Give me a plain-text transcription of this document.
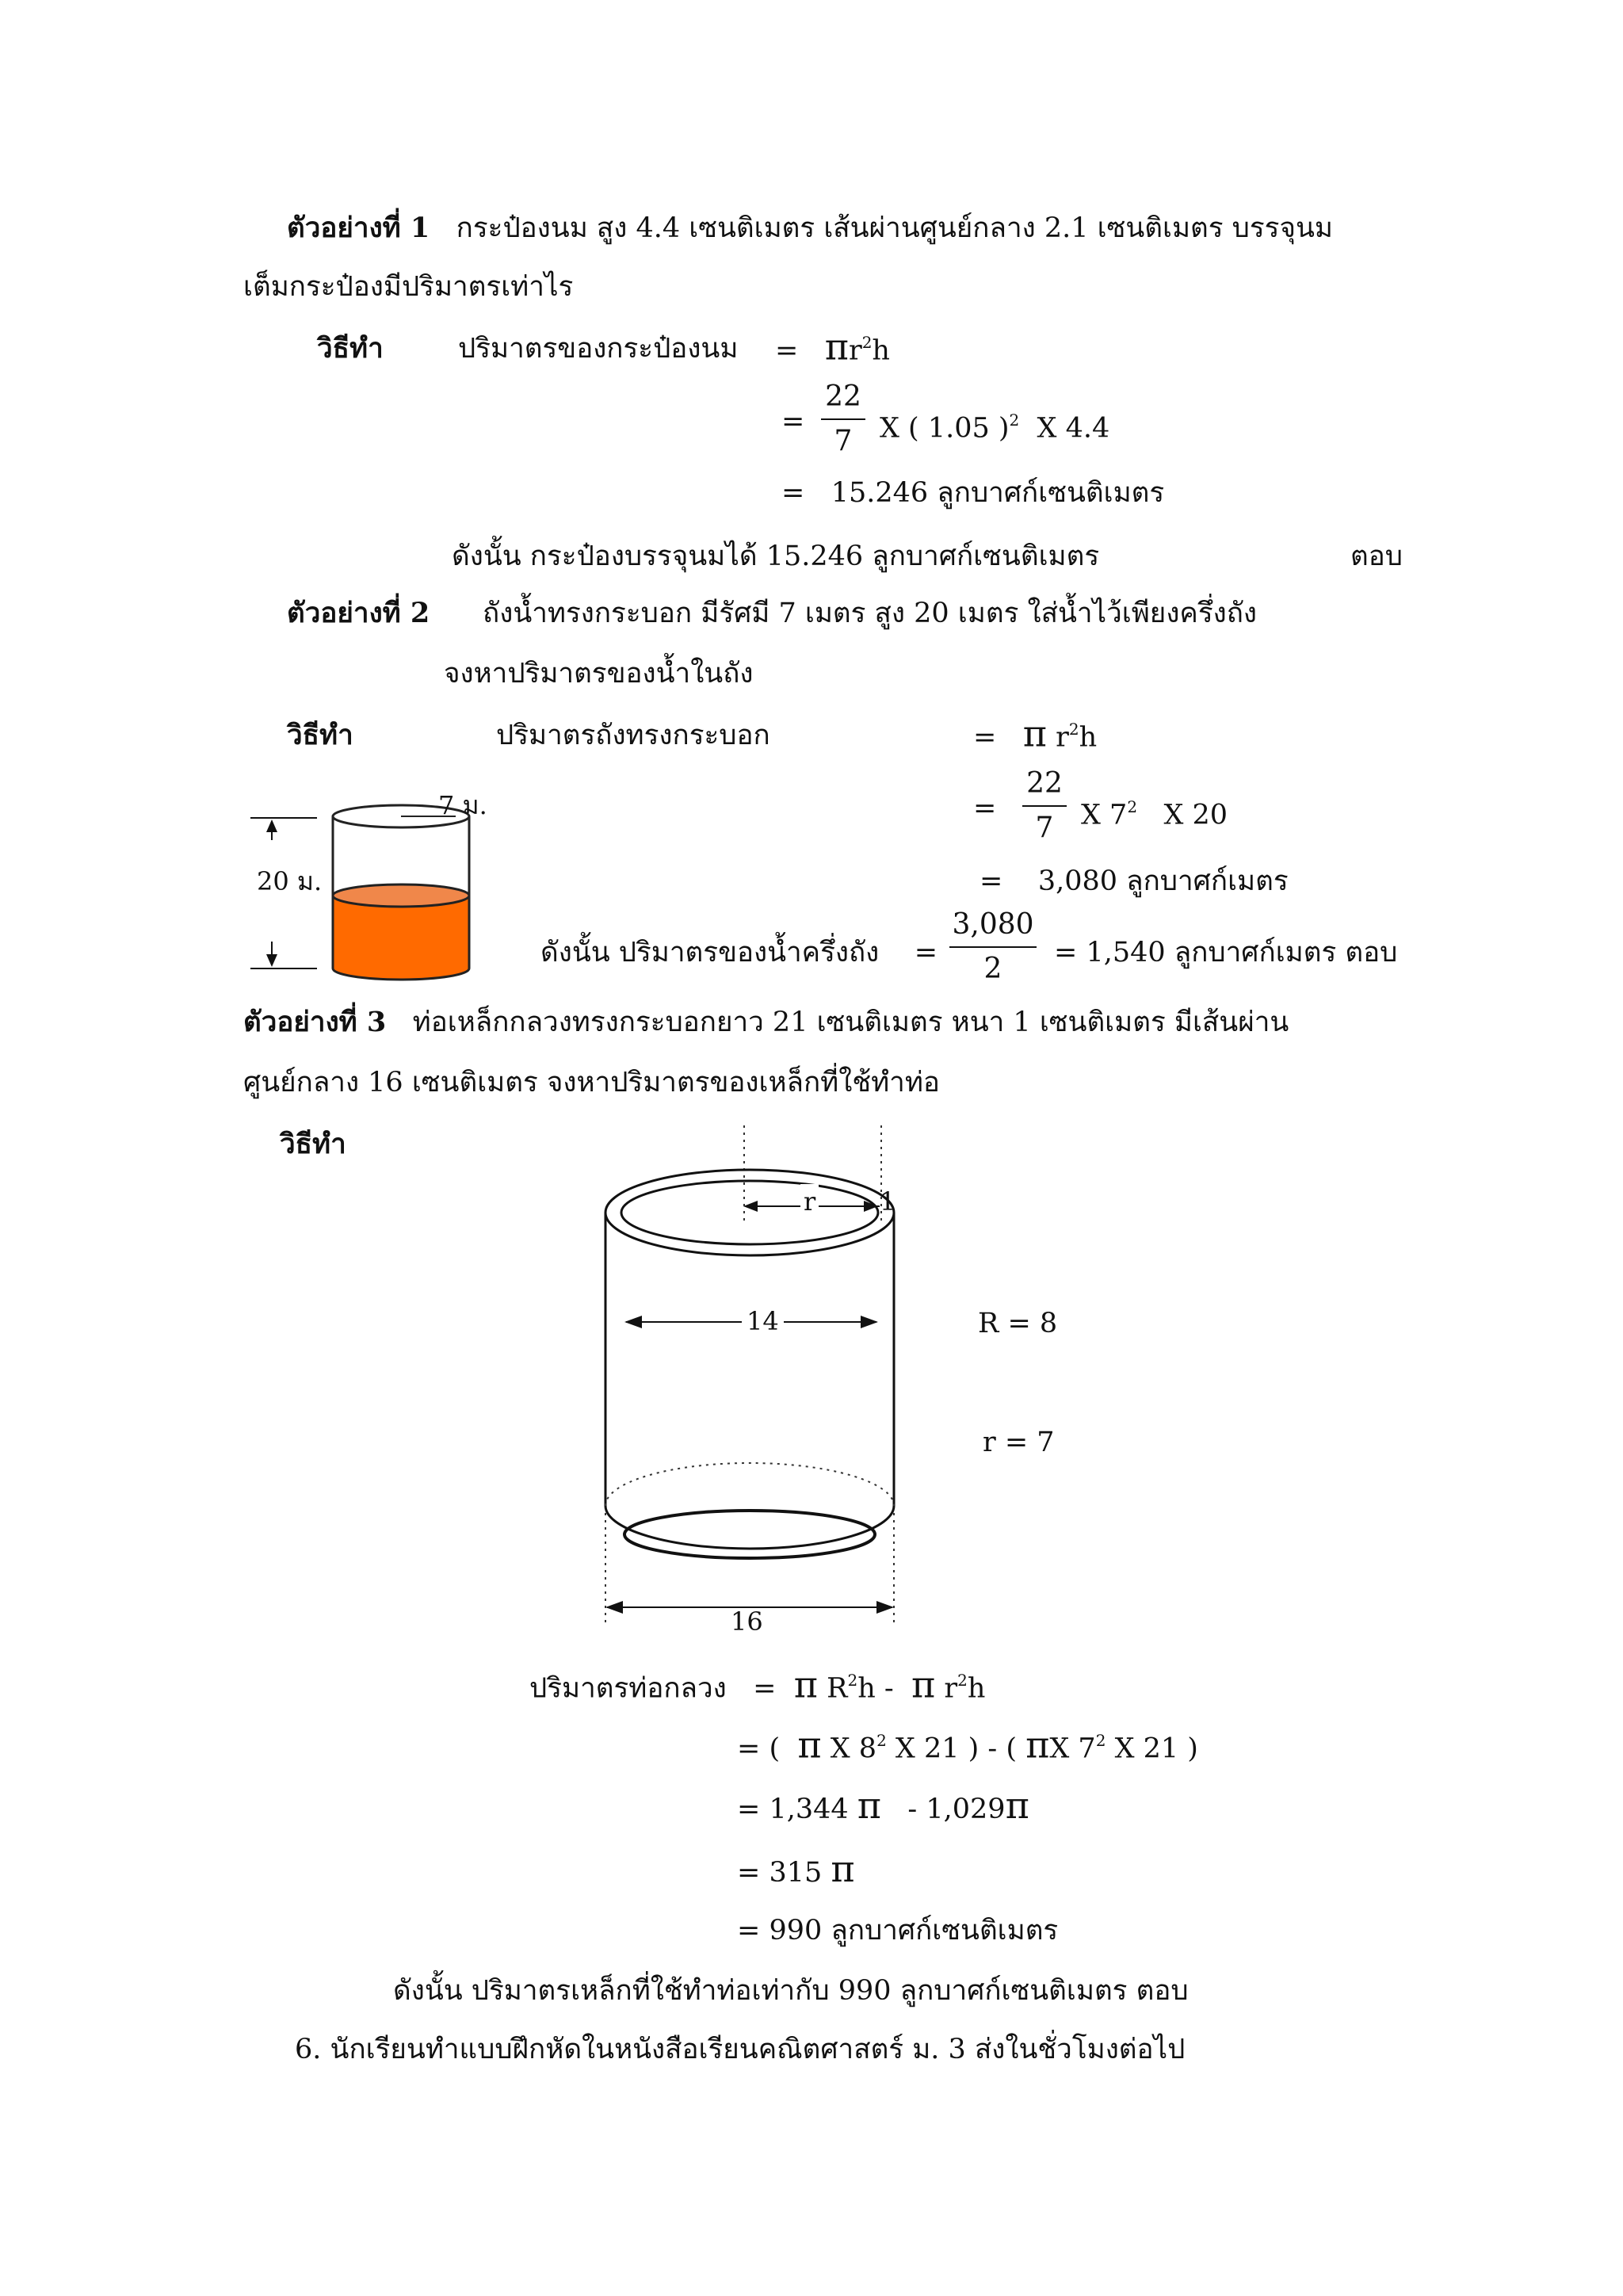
ตัวอย่างที่ 1 กระป๋องนม สูง 4.4 เซนติเมตร เส้นผ่านศูนย์กลาง 2.1 เซนติเมตร บรรจุนม
เต็มกระป๋องมีปริมาตรเท่าไร
วิธีทำ	ปริมาตรของกระป๋องนม = $\pi r^2h$
=
22
7 X ( 1.05 )$^2$ X 4.4
= 15.246 ลูกบาศก์เซนติเมตร
ดังนั้น กระป๋องบรรจุนมได้ 15.246 ลูกบาศก์เซนติเมตร	ตอบ
ตัวอย่างที่ 2 ถังน้ำทรงกระบอก มีรัศมี 7 เมตร สูง 20 เมตร ใส่น้ำไว้เพียงครึ่งถัง
จงหาปริมาตรของน้ำในถัง
วิธีทำ	ปริมาตรถังทรงกระบอก	= π $r^2h$
=
22
7 X $7^2$ X 20
= 3,080 ลูกบาศก์เมตร
7 ม.
20 ม.
ดังนั้น ปริมาตรของน้ำครึ่งถัง =
3,080
2	= 1,540 ลูกบาศก์เมตร ตอบ
ตัวอย่างที่ 3 ท่อเหล็กกลวงทรงกระบอกยาว 21 เซนติเมตร หนา 1 เซนติเมตร มีเส้นผ่าน
ศูนย์กลาง 16 เซนติเมตร จงหาปริมาตรของเหล็กที่ใช้ทำท่อ
วิธีทำ
r	1
14
16
R = 8
r = 7
ปริมาตรท่อกลวง = π $R^2h$ - π $r^2h$
= ( π X $8^2$ X 21 ) - ( πX $7^2$ X 21 )
= 1,344 π - 1,029π
= 315 π
= 990 ลูกบาศก์เซนติเมตร
ดังนั้น ปริมาตรเหล็กที่ใช้ทำท่อเท่ากับ 990 ลูกบาศก์เซนติเมตร ตอบ
6. นักเรียนทำแบบฝึกหัดในหนังสือเรียนคณิตศาสตร์ ม. 3 ส่งในชั่วโมงต่อไป
